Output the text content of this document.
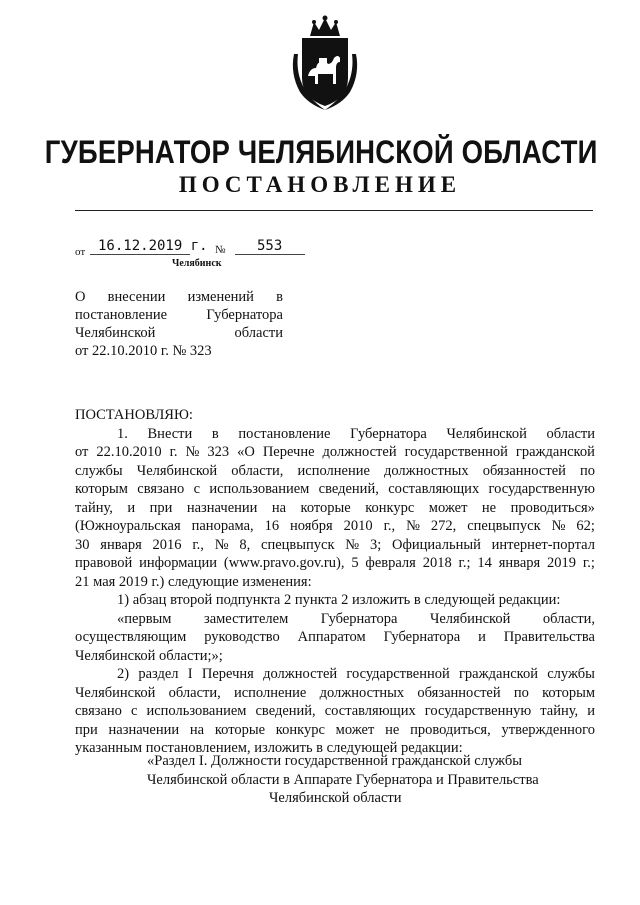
ГУБЕРНАТОР ЧЕЛЯБИНСКОЙ ОБЛАСТИ
ПОСТАНОВЛЕНИЕ
от 16.12.2019 г. №	553
Челябинск
О внесении изменений в
постановление	Губернатора
Челябинской	области
от 22.10.2010 г. № 323
ПОСТАНОВЛЯЮ:
1. Внести в постановление Губернатора Челябинской области
от 22.10.2010 г. № 323 «О Перечне должностей государственной гражданской
службы Челябинской области, исполнение должностных обязанностей по
которым связано с использованием сведений, составляющих государственную
тайну, и при назначении на которые конкурс может не проводиться»
(Южноуральская панорама, 16 ноября 2010 г., № 272, спецвыпуск № 62;
30 января 2016 г., № 8, спецвыпуск № 3; Официальный интернет-портал
правовой информации (www.pravo.gov.ru), 5 февраля 2018 г.; 14 января 2019 г.;
21 мая 2019 г.) следующие изменения:
1) абзац второй подпункта 2 пункта 2 изложить в следующей редакции:
«первым заместителем Губернатора Челябинской области,
осуществляющим руководство Аппаратом Губернатора и Правительства
Челябинской области;»;
2) раздел I Перечня должностей государственной гражданской службы
Челябинской области, исполнение должностных обязанностей по которым
связано с использованием сведений, составляющих государственную тайну, и
при назначении на которые конкурс может не проводиться, утвержденного
указанным постановлением, изложить в следующей редакции:
«Раздел I. Должности государственной гражданской службы
Челябинской области в Аппарате Губернатора и Правительства
Челябинской области
